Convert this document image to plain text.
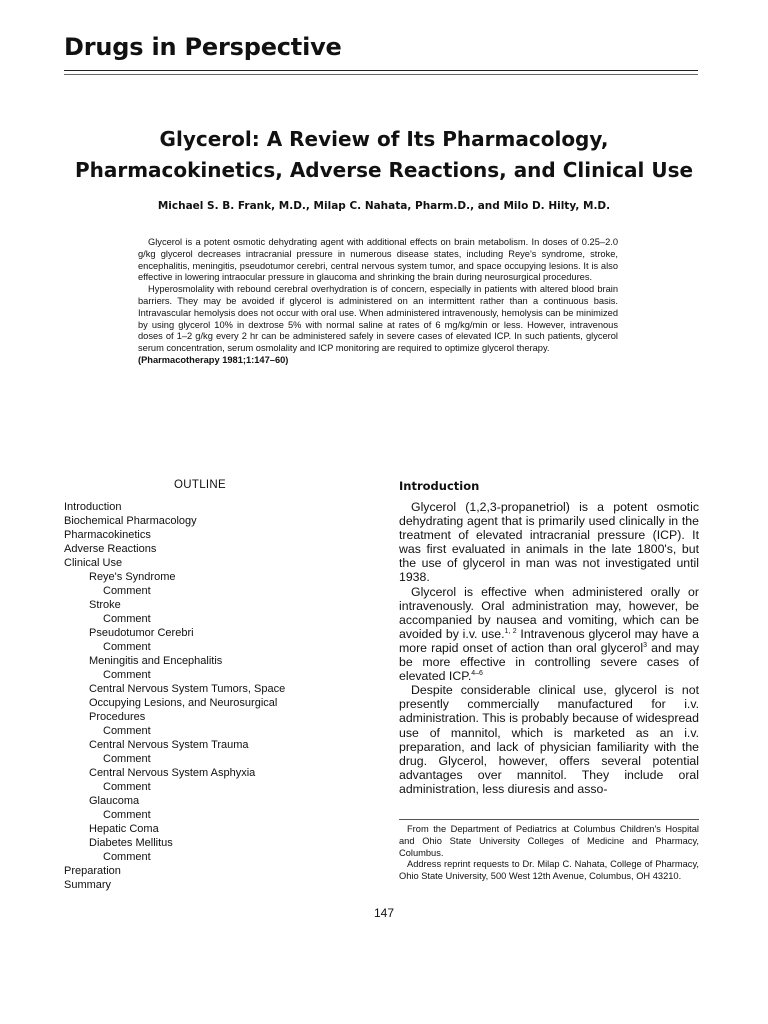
Drugs in Perspective
Glycerol: A Review of Its Pharmacology,
Pharmacokinetics, Adverse Reactions, and Clinical Use
Michael S. B. Frank, M.D., Milap C. Nahata, Pharm.D., and Milo D. Hilty, M.D.

Glycerol is a potent osmotic dehydrating agent with additional effects on brain metabolism. In doses of 0.25–2.0 g/kg glycerol decreases intracranial pressure in numerous disease states, including Reye's syndrome, stroke, encephalitis, meningitis, pseudotumor cerebri, central nervous system tumor, and space occupying lesions. It is also effective in lowering intraocular pressure in glaucoma and shrinking the brain during neurosurgical procedures.

Hyperosmolality with rebound cerebral overhydration is of concern, especially in patients with altered blood brain barriers. They may be avoided if glycerol is administered on an intermittent rather than a continuous basis. Intravascular hemolysis does not occur with oral use. When administered intravenously, hemolysis can be minimized by using glycerol 10% in dextrose 5% with normal saline at rates of 6 mg/kg/min or less. However, intravenous doses of 1–2 g/kg every 2 hr can be administered safely in severe cases of elevated ICP. In such patients, glycerol serum concentration, serum osmolality and ICP monitoring are required to optimize glycerol therapy.

(Pharmacotherapy 1981;1:147–60)
OUTLINE
Introduction
Biochemical Pharmacology
Pharmacokinetics
Adverse Reactions
Clinical Use
Reye's Syndrome
Comment
Stroke
Comment
Pseudotumor Cerebri
Comment
Meningitis and Encephalitis
Comment
Central Nervous System Tumors, Space
Occupying Lesions, and Neurosurgical
Procedures
Comment
Central Nervous System Trauma
Comment
Central Nervous System Asphyxia
Comment
Glaucoma
Comment
Hepatic Coma
Diabetes Mellitus
Comment
Preparation
Summary
Introduction

Glycerol (1,2,3-propanetriol) is a potent osmotic dehydrating agent that is primarily used clinically in the treatment of elevated intracranial pressure (ICP). It was first evaluated in animals in the late 1800's, but the use of glycerol in man was not investigated until 1938.

Glycerol is effective when administered orally or intravenously. Oral administration may, however, be accompanied by nausea and vomiting, which can be avoided by i.v. use.$^{1, 2}$ Intravenous glycerol may have a more rapid onset of action than oral glycerol$^3$ and may be more effective in controlling severe cases of elevated ICP.$^{4-6}$

Despite considerable clinical use, glycerol is not presently commercially manufactured for i.v. administration. This is probably because of widespread use of mannitol, which is marketed as an i.v. preparation, and lack of physician familiarity with the drug. Glycerol, however, offers several potential advantages over mannitol. They include oral administration, less diuresis and asso-

From the Department of Pediatrics at Columbus Children's Hospital and Ohio State University Colleges of Medicine and Pharmacy, Columbus.

Address reprint requests to Dr. Milap C. Nahata, College of Pharmacy, Ohio State University, 500 West 12th Avenue, Columbus, OH 43210.

147
